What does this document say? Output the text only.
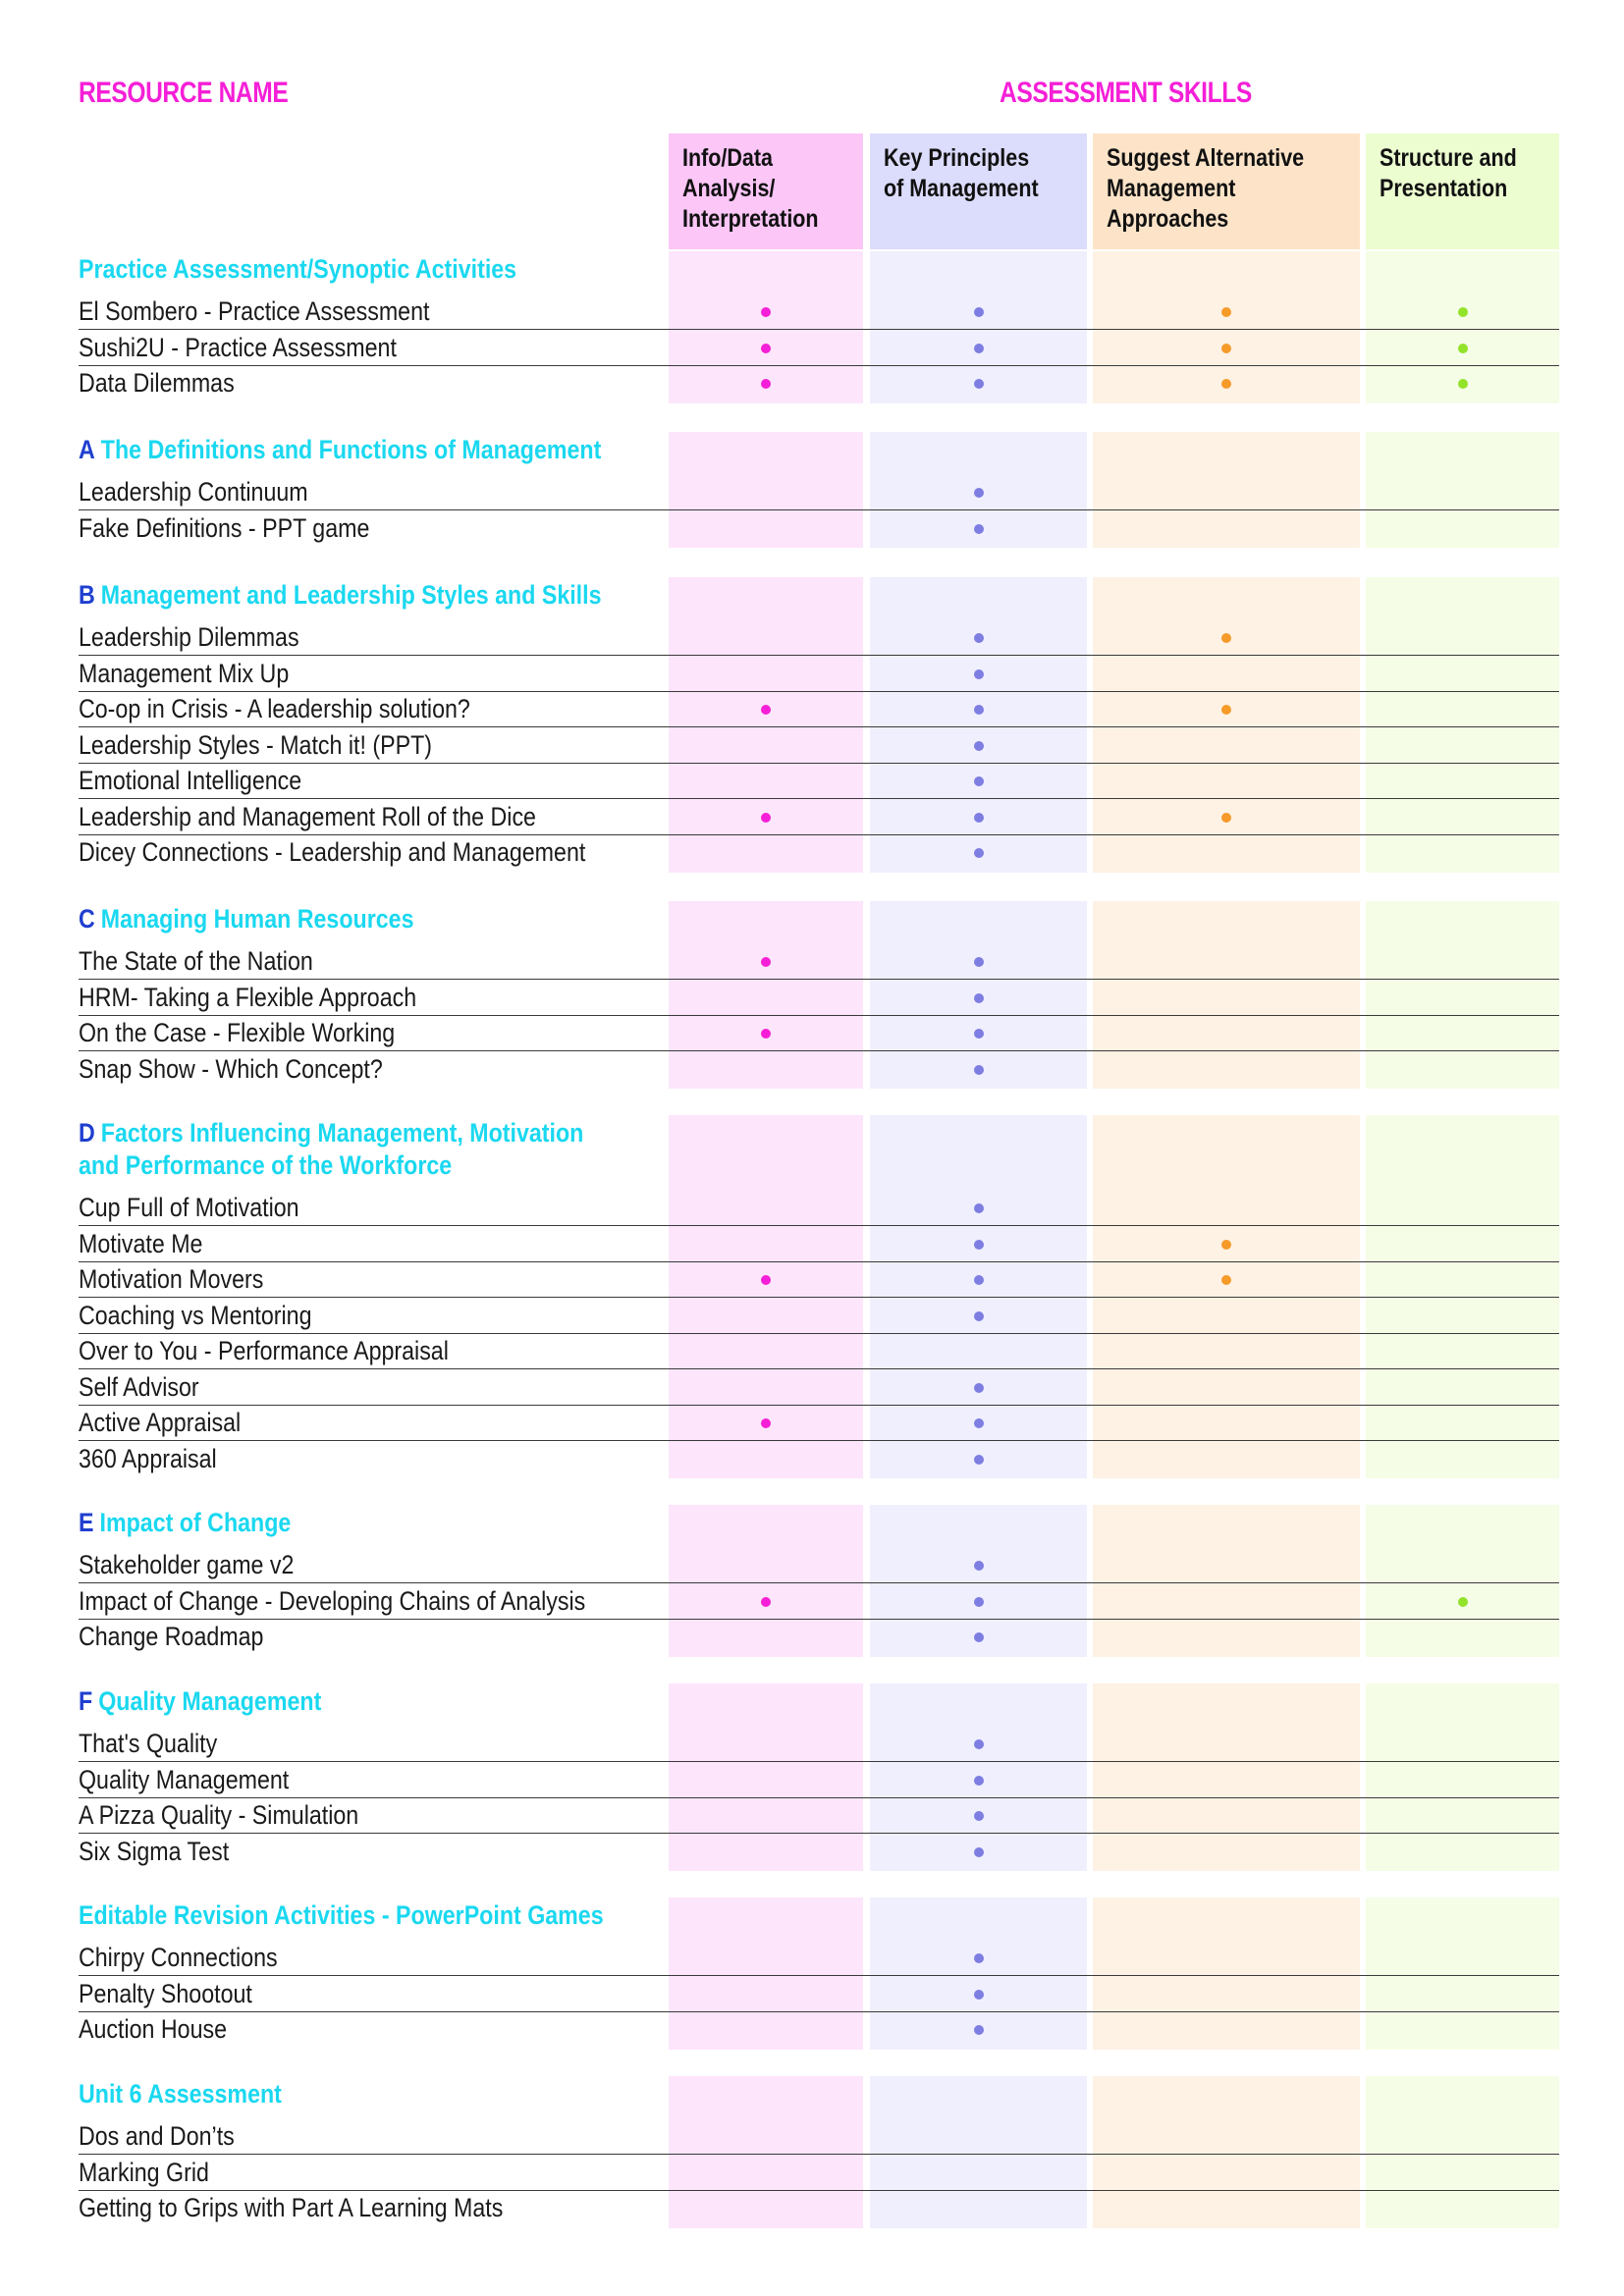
RESOURCE NAME	ASSESSMENT SKILLS
Info/Data
Analysis/
Interpretation
Key Principles
of Management
Suggest Alternative
Management
Approaches
Structure and
Presentation
Practice Assessment/Synoptic Activities
El Sombero - Practice Assessment
Sushi2U - Practice Assessment
Data Dilemmas
A The Definitions and Functions of Management
Leadership Continuum
Fake Definitions - PPT game
B Management and Leadership Styles and Skills
Leadership Dilemmas
Management Mix Up
Co-op in Crisis - A leadership solution?
Leadership Styles - Match it! (PPT)
Emotional Intelligence
Leadership and Management Roll of the Dice
Dicey Connections - Leadership and Management
C Managing Human Resources
The State of the Nation
HRM- Taking a Flexible Approach
On the Case - Flexible Working
Snap Show - Which Concept?
D Factors Influencing Management, Motivation
and Performance of the Workforce
Cup Full of Motivation
Motivate Me
Motivation Movers
Coaching vs Mentoring
Over to You - Performance Appraisal
Self Advisor
Active Appraisal
360 Appraisal
E Impact of Change
Stakeholder game v2
Impact of Change - Developing Chains of Analysis
Change Roadmap
F Quality Management
That's Quality
Quality Management
A Pizza Quality - Simulation
Six Sigma Test
Editable Revision Activities - PowerPoint Games
Chirpy Connections
Penalty Shootout
Auction House
Unit 6 Assessment
Dos and Don’ts
Marking Grid
Getting to Grips with Part A Learning Mats
